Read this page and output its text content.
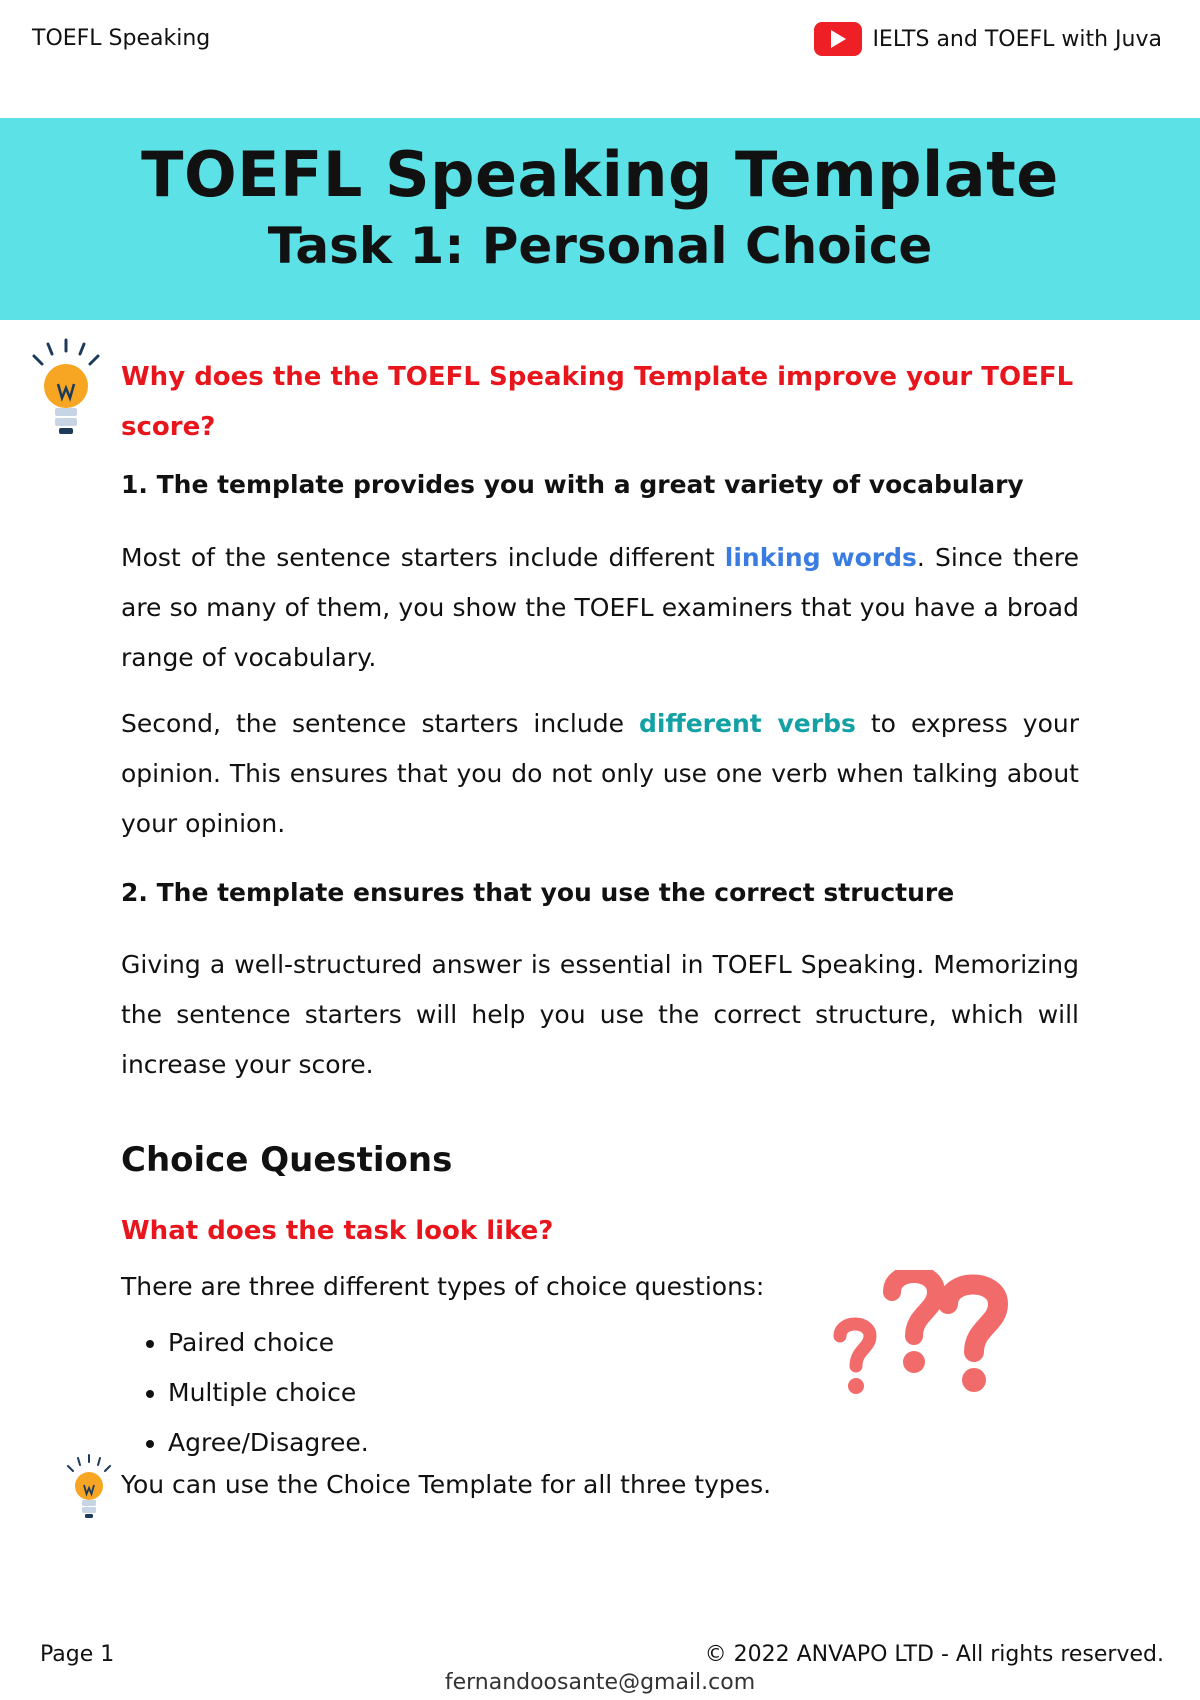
TOEFL Speaking	IELTS and TOEFL with Juva
TOEFL Speaking Template
Task 1: Personal Choice
Why does the the TOEFL Speaking Template improve your TOEFL score?
1. The template provides you with a great variety of vocabulary
Most of the sentence starters include different linking words. Since there are so many of them, you show the TOEFL examiners that you have a broad range of vocabulary.
Second, the sentence starters include different verbs to express your opinion. This ensures that you do not only use one verb when talking about your opinion.
2. The template ensures that you use the correct structure
Giving a well-structured answer is essential in TOEFL Speaking. Memorizing the sentence starters will help you use the correct structure, which will increase your score.
Choice Questions
What does the task look like?
There are three different types of choice questions:
• Paired choice
• Multiple choice
• Agree/Disagree.
You can use the Choice Template for all three types.
Page 1	© 2022 ANVAPO LTD - All rights reserved.
fernandoosante@gmail.com
